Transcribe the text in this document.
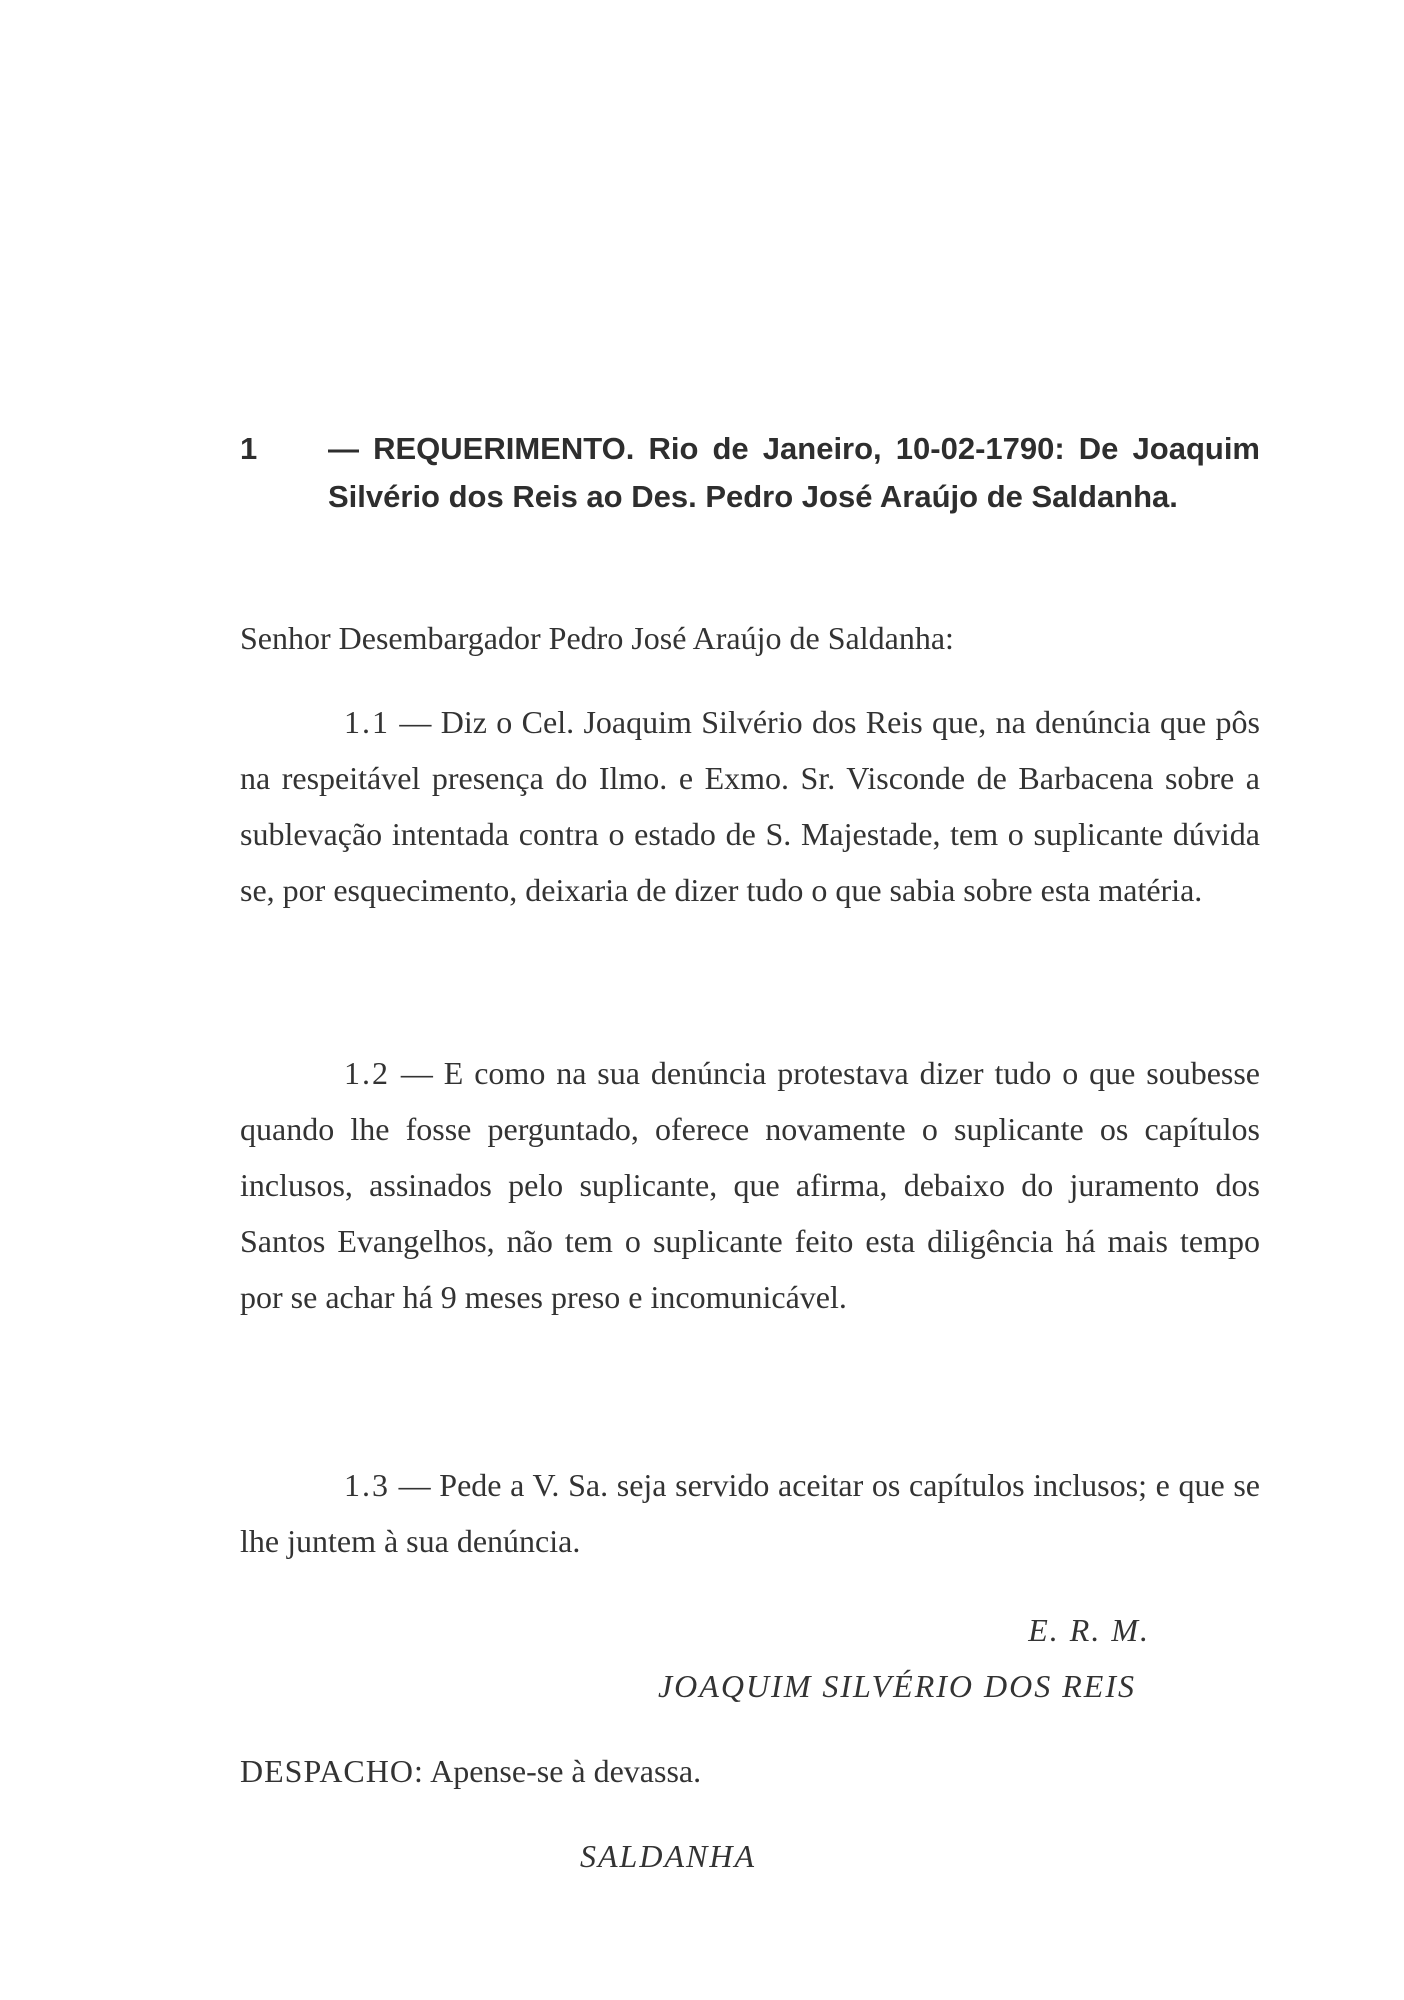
1 — REQUERIMENTO. Rio de Janeiro, 10-02-1790: De Joaquim Silvério dos Reis ao Des. Pedro José Araújo de Saldanha.
Senhor Desembargador Pedro José Araújo de Saldanha:
1.1 — Diz o Cel. Joaquim Silvério dos Reis que, na denúncia que pôs na respeitável presença do Ilmo. e Exmo. Sr. Visconde de Barbacena sobre a sublevação intentada contra o estado de S. Majestade, tem o suplicante dúvida se, por esquecimento, deixaria de dizer tudo o que sabia sobre esta matéria.
1.2 — E como na sua denúncia protestava dizer tudo o que soubesse quando lhe fosse perguntado, oferece novamente o suplicante os capítulos inclusos, assinados pelo suplicante, que afirma, debaixo do juramento dos Santos Evangelhos, não tem o suplicante feito esta diligência há mais tempo por se achar há 9 meses preso e incomunicável.
1.3 — Pede a V. Sa. seja servido aceitar os capítulos inclusos; e que se lhe juntem à sua denúncia.
E. R. M.
JOAQUIM SILVÉRIO DOS REIS
DESPACHO: Apense-se à devassa.
SALDANHA
